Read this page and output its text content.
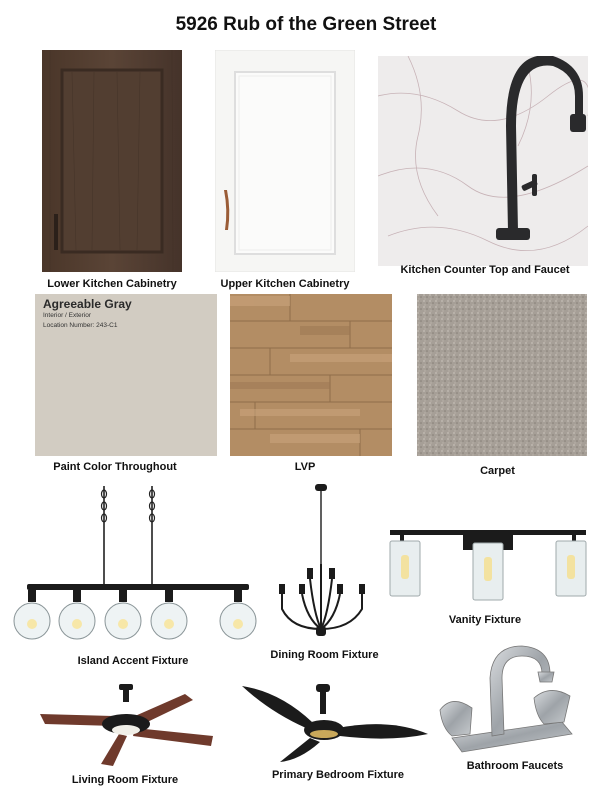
5926 Rub of the Green Street
Lower Kitchen Cabinetry	Upper Kitchen Cabinetry
Kitchen Counter Top and Faucet
Agreeable Gray
Interior / Exterior
Location Number: 243-C1
Paint Color Throughout	LVP	Carpet
Island Accent Fixture	Dining Room Fixture
Vanity Fixture
Living Room Fixture	Primary Bedroom Fixture
Bathroom Faucets
